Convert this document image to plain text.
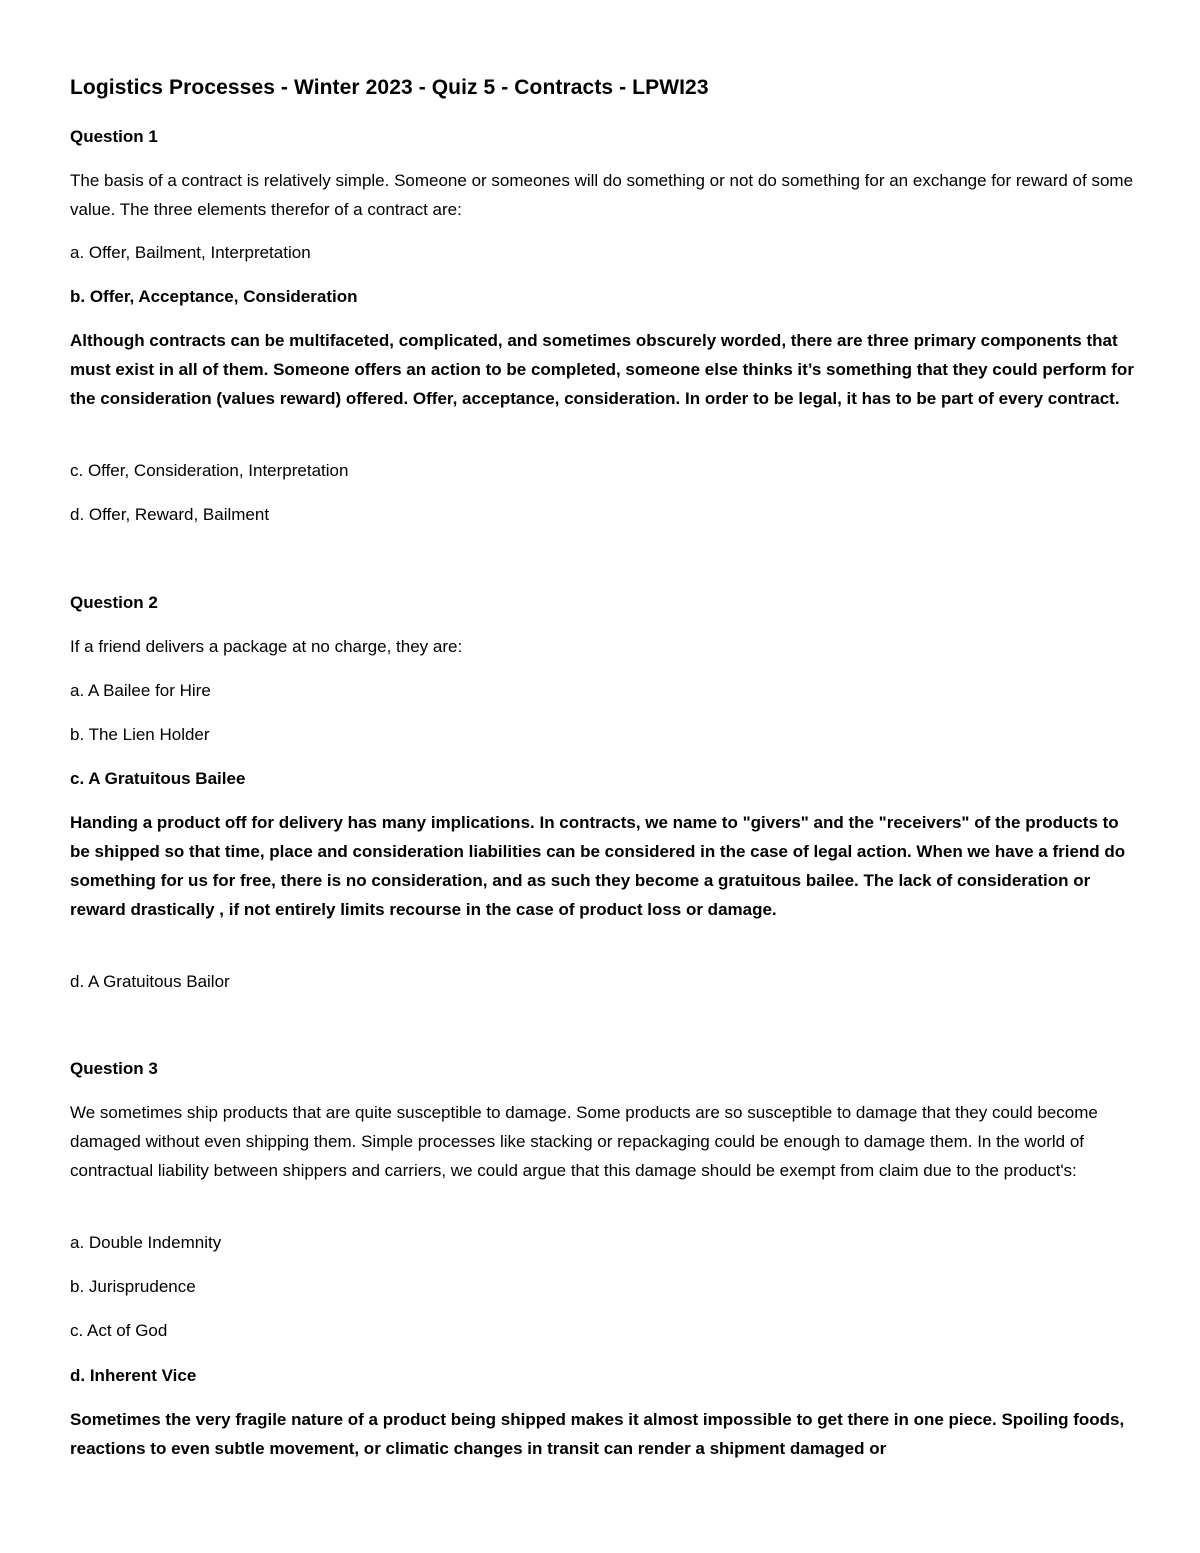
Logistics Processes - Winter 2023 - Quiz 5 - Contracts - LPWI23
Question 1
The basis of a contract is relatively simple. Someone or someones will do something or not do something for an exchange for reward of some value. The three elements therefor of a contract are:
a. Offer, Bailment, Interpretation
b. Offer, Acceptance, Consideration
Although contracts can be multifaceted, complicated, and sometimes obscurely worded, there are three primary components that must exist in all of them. Someone offers an action to be completed, someone else thinks it’s something that they could perform for the consideration (values reward) offered. Offer, acceptance, consideration. In order to be legal, it has to be part of every contract.
c. Offer, Consideration, Interpretation
d. Offer, Reward, Bailment
Question 2
If a friend delivers a package at no charge, they are:
a. A Bailee for Hire
b. The Lien Holder
c. A Gratuitous Bailee
Handing a product off for delivery has many implications. In contracts, we name to "givers" and the "receivers" of the products to be shipped so that time, place and consideration liabilities can be considered in the case of legal action. When we have a friend do something for us for free, there is no consideration, and as such they become a gratuitous bailee. The lack of consideration or reward drastically , if not entirely limits recourse in the case of product loss or damage.
d. A Gratuitous Bailor
Question 3
We sometimes ship products that are quite susceptible to damage. Some products are so susceptible to damage that they could become damaged without even shipping them. Simple processes like stacking or repackaging could be enough to damage them. In the world of contractual liability between shippers and carriers, we could argue that this damage should be exempt from claim due to the product's:
a. Double Indemnity
b. Jurisprudence
c. Act of God
d. Inherent Vice
Sometimes the very fragile nature of a product being shipped makes it almost impossible to get there in one piece. Spoiling foods, reactions to even subtle movement, or climatic changes in transit can render a shipment damaged or
